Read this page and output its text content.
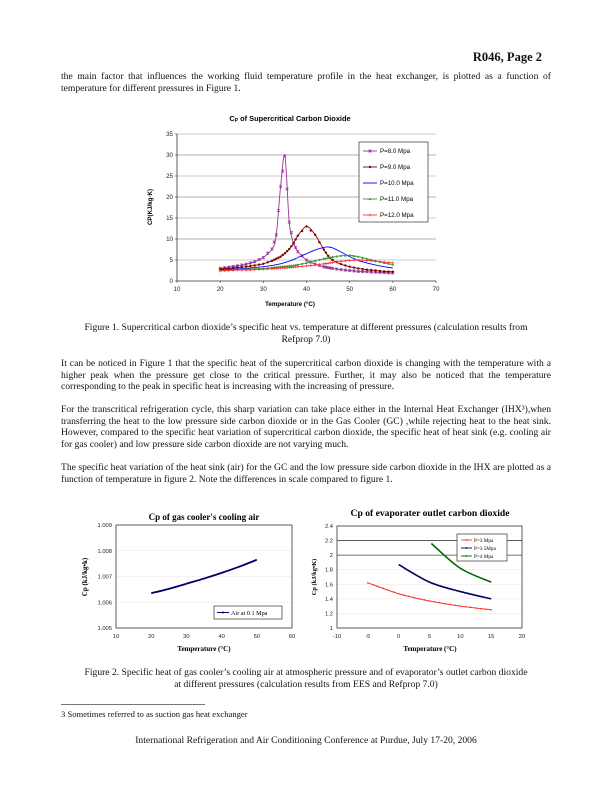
R046, Page 2
the main factor that influences the working fluid temperature profile in the heat exchanger, is plotted as a function of temperature for different pressures in Figure 1.
CP of Supercritical Carbon Dioxide
0
5
10
15
20
25
30
35
10	20	30	40	50	60	70
Temperature (°C)
CP(KJ/kg·K)
P=8.0 Mpa
P=9.0 Mpa
P=10.0 Mpa
P=11.0 Mpa
P=12.0 Mpa
Figure 1. Supercritical carbon dioxide’s specific heat vs. temperature at different pressures (calculation results from
Refprop 7.0)
It can be noticed in Figure 1 that the specific heat of the supercritical carbon dioxide is changing with the temperature with a higher peak when the pressure get close to the critical pressure. Further, it may also be noticed that the temperature corresponding to the peak in specific heat is increasing with the increasing of pressure.
For the transcritical refrigeration cycle, this sharp variation can take place either in the Internal Heat Exchanger (IHX³),when transferring the heat to the low pressure side carbon dioxide or in the Gas Cooler (GC) ,while rejecting heat to the heat sink. However, compared to the specific heat variation of supercritical carbon dioxide, the specific heat of heat sink (e.g. cooling air for gas cooler) and low pressure side carbon dioxide are not varying much.
The specific heat variation of the heat sink (air) for the GC and the low pressure side carbon dioxide in the IHX are plotted as a function of temperature in figure 2. Note the differences in scale compared to figure 1.
Cp of gas cooler's cooling air
1.005
1.006
1.007
1.008
1.009
10	20	30	40	50	60
Temperature (°C)
Cp (kJ/kg•k)
Air at 0.1 Mpa
Cp of evaporater outlet carbon dioxide
1
1.2
1.4
1.6
1.8
2
2.2
2.4
-10	-5	0	5	10	15	20
Temperature (°C)
Cp (kJ/kg•K)
P=3 Mpa
P=3.5Mpa
P=4 Mpa
Figure 2. Specific heat of gas cooler’s cooling air at atmospheric pressure and of evaporator’s outlet carbon dioxide
at different pressures (calculation results from EES and Refprop 7.0)
3 Sometimes referred to as suction gas heat exchanger
International Refrigeration and Air Conditioning Conference at Purdue, July 17-20, 2006
